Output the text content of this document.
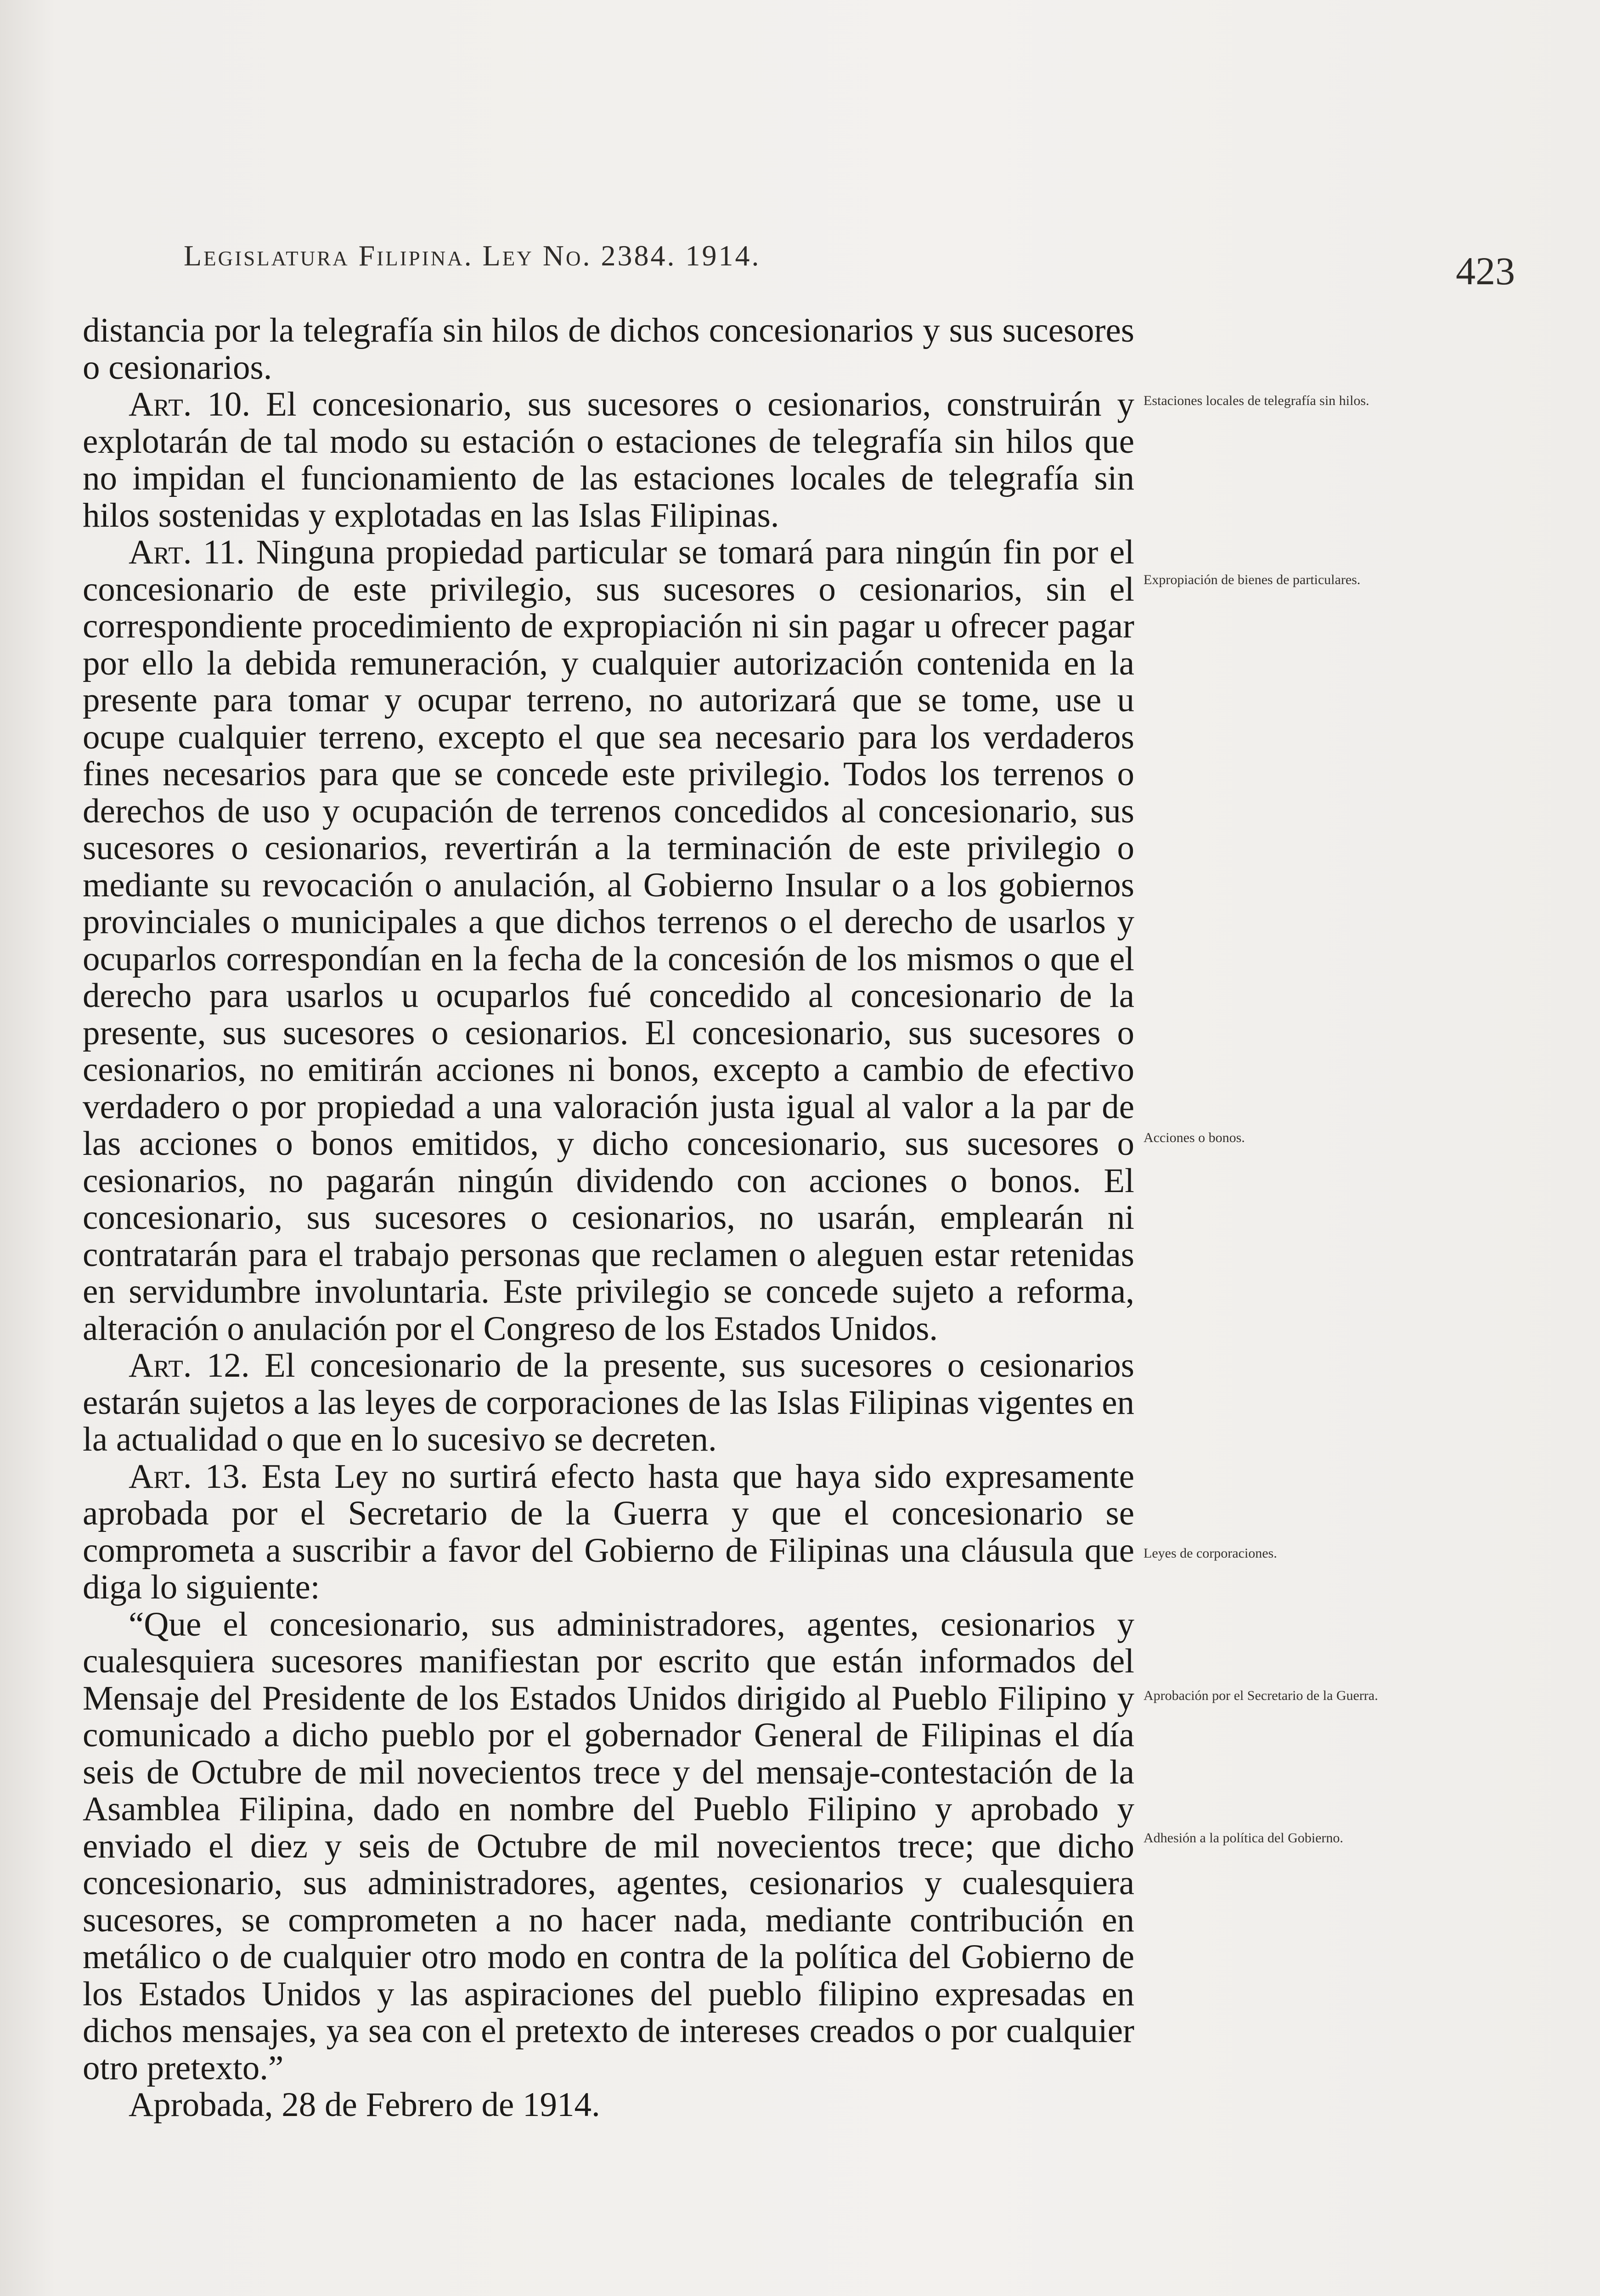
Legislatura Filipina. Ley No. 2384. 1914.	423

distancia por la telegrafía sin hilos de dichos concesionarios y sus sucesores o cesionarios.

Art. 10. El concesionario, sus sucesores o cesionarios, construirán y explotarán de tal modo su estación o estaciones de telegrafía sin hilos que no impidan el funcionamiento de las estaciones locales de telegrafía sin hilos sostenidas y explotadas en las Islas Filipinas.

Art. 11. Ninguna propiedad particular se tomará para ningún fin por el concesionario de este privilegio, sus sucesores o cesionarios, sin el correspondiente procedimiento de expropiación ni sin pagar u ofrecer pagar por ello la debida remuneración, y cualquier autorización contenida en la presente para tomar y ocupar terreno, no autorizará que se tome, use u ocupe cualquier terreno, excepto el que sea necesario para los verdaderos fines necesarios para que se concede este privilegio. Todos los terrenos o derechos de uso y ocupación de terrenos concedidos al concesionario, sus sucesores o cesionarios, revertirán a la terminación de este privilegio o mediante su revocación o anulación, al Gobierno Insular o a los gobiernos provinciales o municipales a que dichos terrenos o el derecho de usarlos y ocuparlos correspondían en la fecha de la concesión de los mismos o que el derecho para usarlos u ocuparlos fué concedido al concesionario de la presente, sus sucesores o cesionarios. El concesionario, sus sucesores o cesionarios, no emitirán acciones ni bonos, excepto a cambio de efectivo verdadero o por propiedad a una valoración justa igual al valor a la par de las acciones o bonos emitidos, y dicho concesionario, sus sucesores o cesionarios, no pagarán ningún dividendo con acciones o bonos. El concesionario, sus sucesores o cesionarios, no usarán, emplearán ni contratarán para el trabajo personas que reclamen o aleguen estar retenidas en servidumbre involuntaria. Este privilegio se concede sujeto a reforma, alteración o anulación por el Congreso de los Estados Unidos.

Art. 12. El concesionario de la presente, sus sucesores o cesionarios estarán sujetos a las leyes de corporaciones de las Islas Filipinas vigentes en la actualidad o que en lo sucesivo se decreten.

Art. 13. Esta Ley no surtirá efecto hasta que haya sido expresamente aprobada por el Secretario de la Guerra y que el concesionario se comprometa a suscribir a favor del Gobierno de Filipinas una cláusula que diga lo siguiente:

“Que el concesionario, sus administradores, agentes, cesionarios y cualesquiera sucesores manifiestan por escrito que están informados del Mensaje del Presidente de los Estados Unidos dirigido al Pueblo Filipino y comunicado a dicho pueblo por el gobernador General de Filipinas el día seis de Octubre de mil novecientos trece y del mensaje-contestación de la Asamblea Filipina, dado en nombre del Pueblo Filipino y aprobado y enviado el diez y seis de Octubre de mil novecientos trece; que dicho concesionario, sus administradores, agentes, cesionarios y cualesquiera sucesores, se comprometen a no hacer nada, mediante contribución en metálico o de cualquier otro modo en contra de la política del Gobierno de los Estados Unidos y las aspiraciones del pueblo filipino expresadas en dichos mensajes, ya sea con el pretexto de intereses creados o por cualquier otro pretexto.”

Aprobada, 28 de Febrero de 1914.

Estaciones locales de telegrafía sin hilos.
Expropiación de bienes de particulares.
Acciones o bonos.
Leyes de corporaciones.
Aprobación por el Secretario de la Guerra.
Adhesión a la política del Gobierno.
